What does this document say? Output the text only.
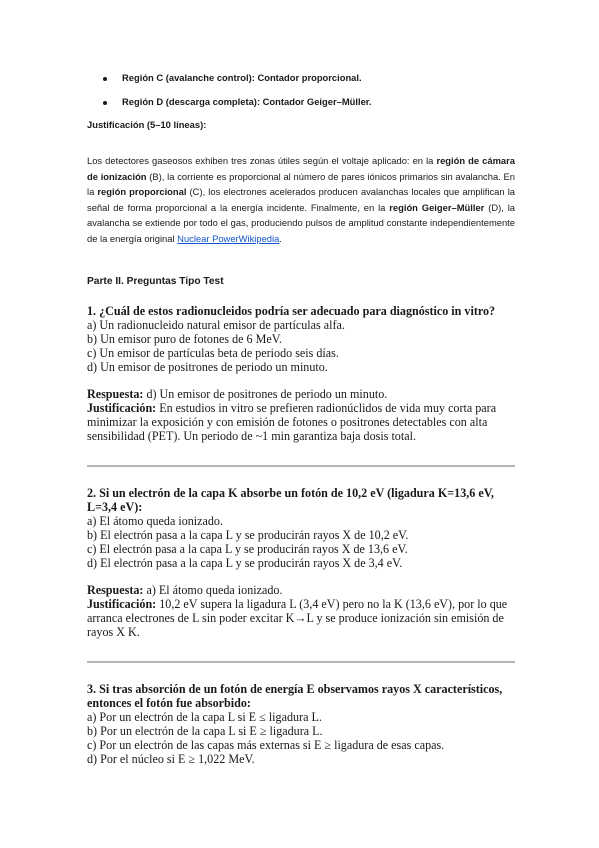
Región C (avalanche control): Contador proporcional.
Región D (descarga completa): Contador Geiger–Müller.
Justificación (5–10 líneas):
Los detectores gaseosos exhiben tres zonas útiles según el voltaje aplicado: en la región de cámara de ionización (B), la corriente es proporcional al número de pares iónicos primarios sin avalancha. En la región proporcional (C), los electrones acelerados producen avalanchas locales que amplifican la señal de forma proporcional a la energía incidente. Finalmente, en la región Geiger–Müller (D), la avalancha se extiende por todo el gas, produciendo pulsos de amplitud constante independientemente de la energía original Nuclear PowerWikipedia.
Parte II. Preguntas Tipo Test
1. ¿Cuál de estos radionucleidos podría ser adecuado para diagnóstico in vitro?
a) Un radionucleido natural emisor de partículas alfa.
b) Un emisor puro de fotones de 6 MeV.
c) Un emisor de partículas beta de periodo seis días.
d) Un emisor de positrones de periodo un minuto.
Respuesta: d) Un emisor de positrones de periodo un minuto.
Justificación: En estudios in vitro se prefieren radionúclidos de vida muy corta para
minimizar la exposición y con emisión de fotones o positrones detectables con alta
sensibilidad (PET). Un periodo de ~1 min garantiza baja dosis total.
2. Si un electrón de la capa K absorbe un fotón de 10,2 eV (ligadura K=13,6 eV,
L=3,4 eV):
a) El átomo queda ionizado.
b) El electrón pasa a la capa L y se producirán rayos X de 10,2 eV.
c) El electrón pasa a la capa L y se producirán rayos X de 13,6 eV.
d) El electrón pasa a la capa L y se producirán rayos X de 3,4 eV.
Respuesta: a) El átomo queda ionizado.
Justificación: 10,2 eV supera la ligadura L (3,4 eV) pero no la K (13,6 eV), por lo que
arranca electrones de L sin poder excitar K→L y se produce ionización sin emisión de
rayos X K.
3. Si tras absorción de un fotón de energía E observamos rayos X característicos,
entonces el fotón fue absorbido:
a) Por un electrón de la capa L si E ≤ ligadura L.
b) Por un electrón de la capa L si E ≥ ligadura L.
c) Por un electrón de las capas más externas si E ≥ ligadura de esas capas.
d) Por el núcleo si E ≥ 1,022 MeV.
